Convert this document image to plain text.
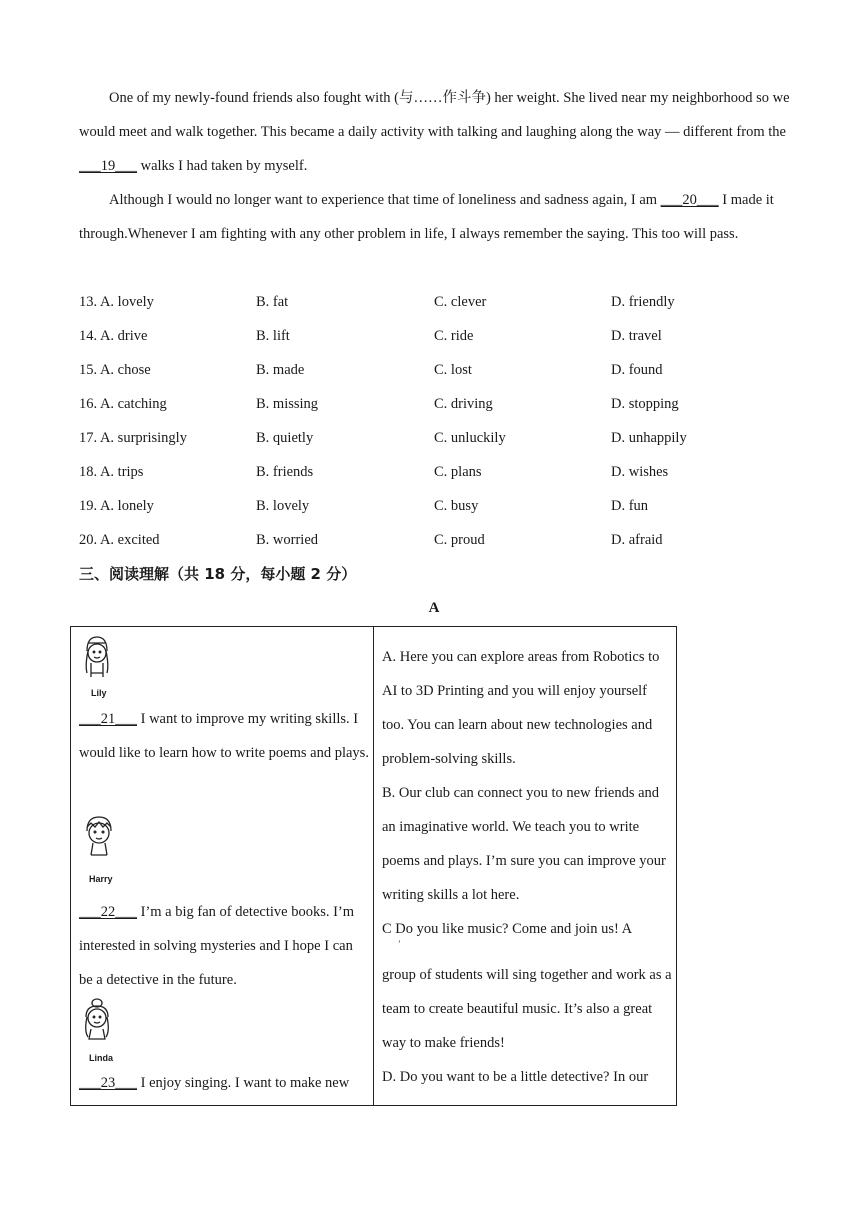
One of my newly-found friends also fought with (与……作斗争) her weight. She lived near my neighborhood so we would meet and walk together. This became a daily activity with talking and laughing along the way — different from the ___19___ walks I had taken by myself.

Although I would no longer want to experience that time of loneliness and sadness again, I am ___20___ I made it through.Whenever I am fighting with any other problem in life, I always remember the saying. This too will pass.

13. A. lovely	B. fat	C. clever	D. friendly
14. A. drive	B. lift	C. ride	D. travel
15. A. chose	B. made	C. lost	D. found
16. A. catching	B. missing	C. driving	D. stopping
17. A. surprisingly	B. quietly	C. unluckily	D. unhappily
18. A. trips	B. friends	C. plans	D. wishes
19. A. lonely	B. lovely	C. busy	D. fun
20. A. excited	B. worried	C. proud	D. afraid
三、阅读理解（共 18 分，每小题 2 分）
A
Lily
___21___ I want to improve my writing skills. I would like to learn how to write poems and plays.
Harry
___22___ I’m a big fan of detective books. I’m interested in solving mysteries and I hope I can be a detective in the future.
Linda
___23___ I enjoy singing. I want to make new
A. Here you can explore areas from Robotics to AI to 3D Printing and you will enjoy yourself too. You can learn about new technologies and problem-solving skills.
B. Our club can connect you to new friends and an imaginative world. We teach you to write poems and plays. I’m sure you can improve your writing skills a lot here.
C Do you like music? Come and join us! A
ʼ
group of students will sing together and work as a team to create beautiful music. It’s also a great way to make friends!
D. Do you want to be a little detective? In our
